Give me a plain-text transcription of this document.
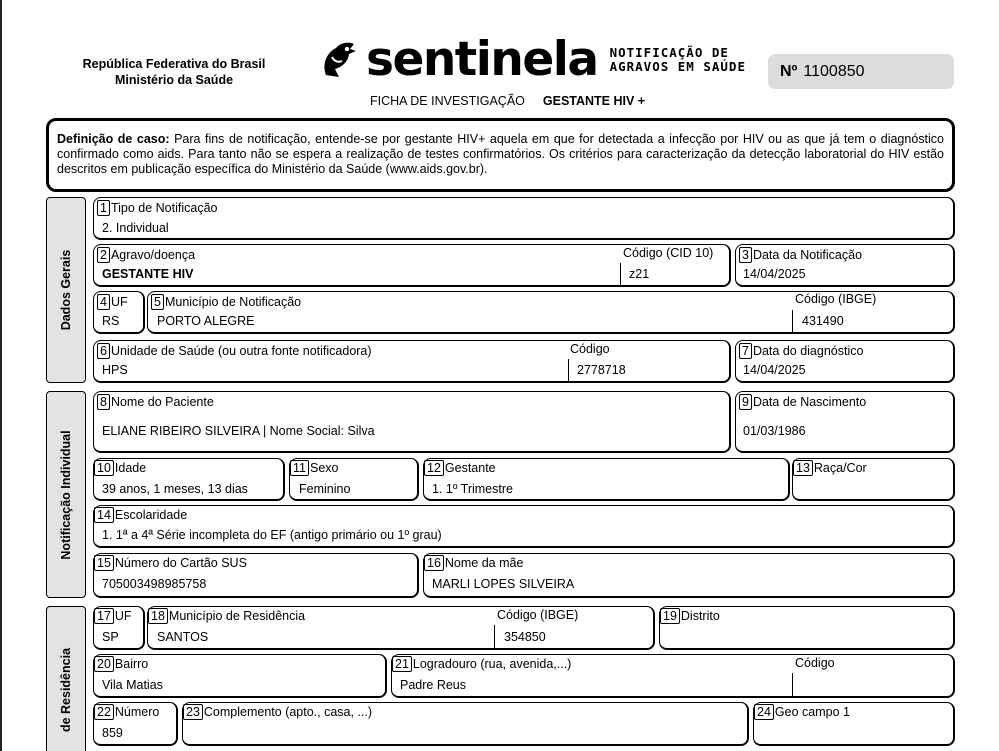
República Federativa do Brasil
Ministério da Saúde	sentinela NOTIFICAÇÃO DE
AGRAVOS EM SAÚDE Nº 1100850
FICHA DE INVESTIGAÇÃO GESTANTE HIV +
Definição de caso: Para fins de notificação, entende-se por gestante HIV+ aquela em que for detectada a infecção por HIV ou as que já tem o diagnóstico confirmado como aids. Para tanto não se espera a realização de testes confirmatórios. Os critérios para caracterização da detecção laboratorial do HIV estão descritos em publicação específica do Ministério da Saúde (www.aids.gov.br).
Dados Gerais
Notificação Individual
de Residência
1 Tipo de Notificação
2. Individual
2 Agravo/doença
GESTANTE HIV
Código (CID 10)
z21
3 Data da Notificação
14/04/2025
4 UF
RS
5 Município de Notificação
PORTO ALEGRE
Código (IBGE)
431490
6 Unidade de Saúde (ou outra fonte notificadora)
HPS
Código
2778718
7 Data do diagnóstico
14/04/2025
8 Nome do Paciente
ELIANE RIBEIRO SILVEIRA | Nome Social: Silva
9 Data de Nascimento
01/03/1986
10 Idade
39 anos, 1 meses, 13 dias
11 Sexo
Feminino
12 Gestante
1. 1º Trimestre
13 Raça/Cor
14 Escolaridade
1. 1ª a 4ª Série incompleta do EF (antigo primário ou 1º grau)
15 Número do Cartão SUS
705003498985758
16 Nome da mãe
MARLI LOPES SILVEIRA
17 UF
SP
18 Município de Residência
SANTOS
Código (IBGE)
354850
19 Distrito
20 Bairro
Vila Matias
21 Logradouro (rua, avenida,...)
Padre Reus
Código
22 Número
859
23 Complemento (apto., casa, ...)	24 Geo campo 1
